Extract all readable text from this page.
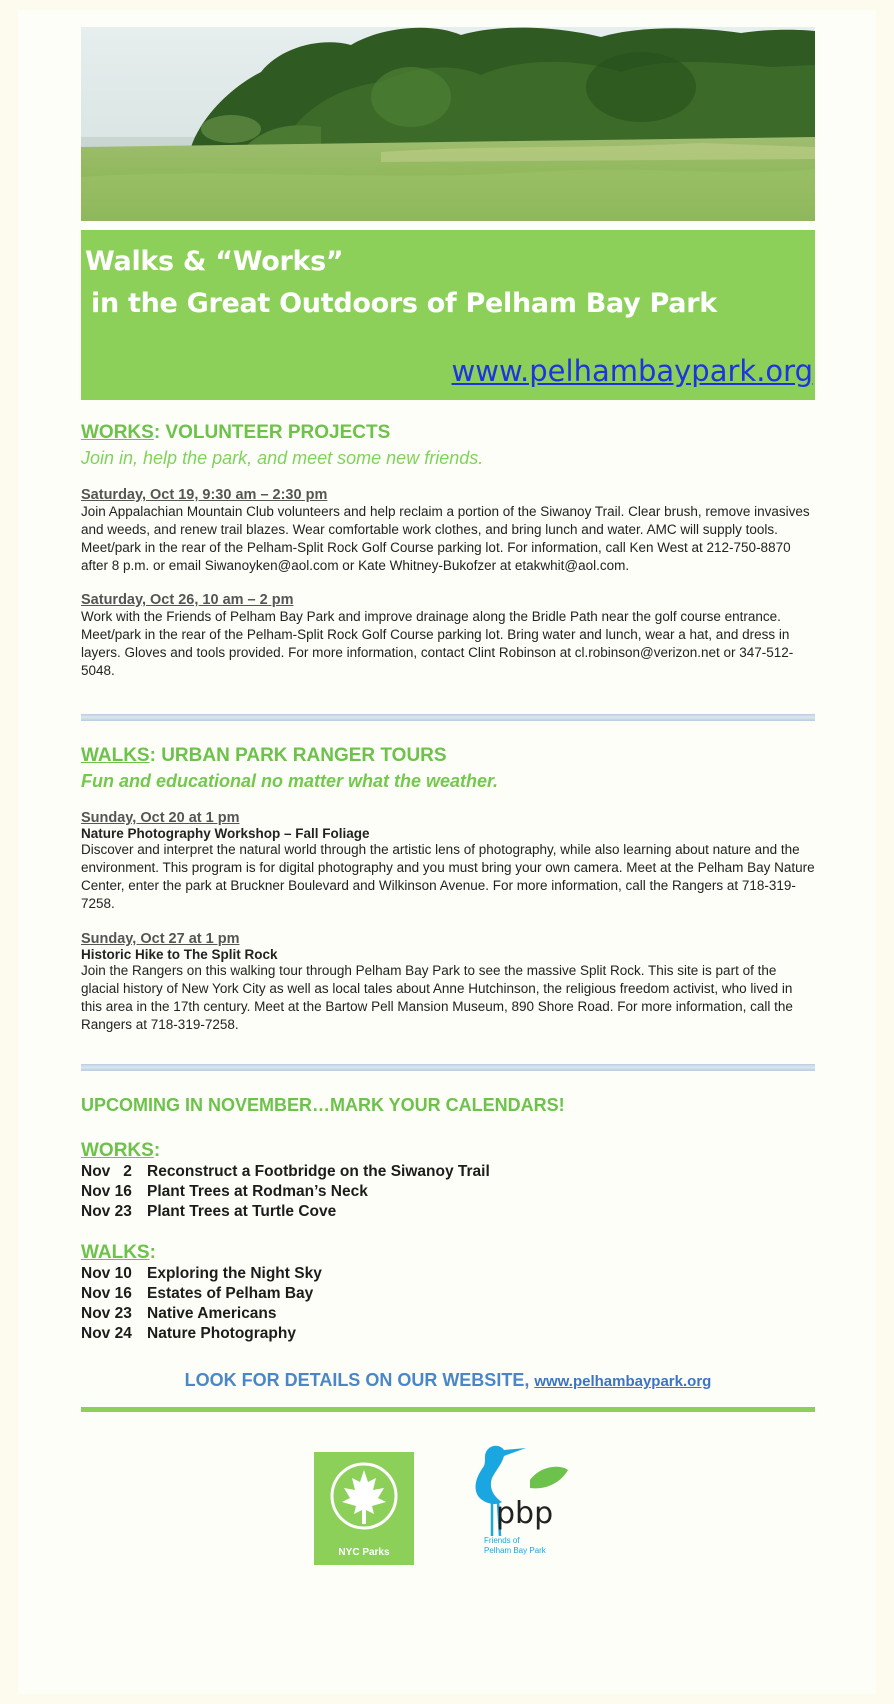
Walks & “Works”
in the Great Outdoors of Pelham Bay Park
www.pelhambaypark.org

WORKS: VOLUNTEER PROJECTS

Join in, help the park, and meet some new friends.

Saturday, Oct 19, 9:30 am – 2:30 pm

Join Appalachian Mountain Club volunteers and help reclaim a portion of the Siwanoy Trail. Clear brush, remove invasives and weeds, and renew trail blazes. Wear comfortable work clothes, and bring lunch and water. AMC will supply tools. Meet/park in the rear of the Pelham-Split Rock Golf Course parking lot. For information, call Ken West at 212-750-8870 after 8 p.m. or email Siwanoyken@aol.com or Kate Whitney-Bukofzer at etakwhit@aol.com.

Saturday, Oct 26, 10 am – 2 pm

Work with the Friends of Pelham Bay Park and improve drainage along the Bridle Path near the golf course entrance. Meet/park in the rear of the Pelham-Split Rock Golf Course parking lot. Bring water and lunch, wear a hat, and dress in layers. Gloves and tools provided. For more information, contact Clint Robinson at cl.robinson@verizon.net or 347-512-5048.

WALKS: URBAN PARK RANGER TOURS

Fun and educational no matter what the weather.

Sunday, Oct 20 at 1 pm

Nature Photography Workshop – Fall Foliage

Discover and interpret the natural world through the artistic lens of photography, while also learning about nature and the environment. This program is for digital photography and you must bring your own camera. Meet at the Pelham Bay Nature Center, enter the park at Bruckner Boulevard and Wilkinson Avenue. For more information, call the Rangers at 718-319-7258.

Sunday, Oct 27 at 1 pm

Historic Hike to The Split Rock

Join the Rangers on this walking tour through Pelham Bay Park to see the massive Split Rock. This site is part of the glacial history of New York City as well as local tales about Anne Hutchinson, the religious freedom activist, who lived in this area in the 17th century. Meet at the Bartow Pell Mansion Museum, 890 Shore Road. For more information, call the Rangers at 718-319-7258.

UPCOMING IN NOVEMBER…MARK YOUR CALENDARS!

WORKS:

Nov   2 Reconstruct a Footbridge on the Siwanoy Trail
Nov 16 Plant Trees at Rodman’s Neck
Nov 23 Plant Trees at Turtle Cove

WALKS:

Nov 10 Exploring the Night Sky
Nov 16 Estates of Pelham Bay
Nov 23 Native Americans
Nov 24 Nature Photography
LOOK FOR DETAILS ON OUR WEBSITE, www.pelhambaypark.org
NYC Parks
pbp
Friends of
Pelham Bay Park
